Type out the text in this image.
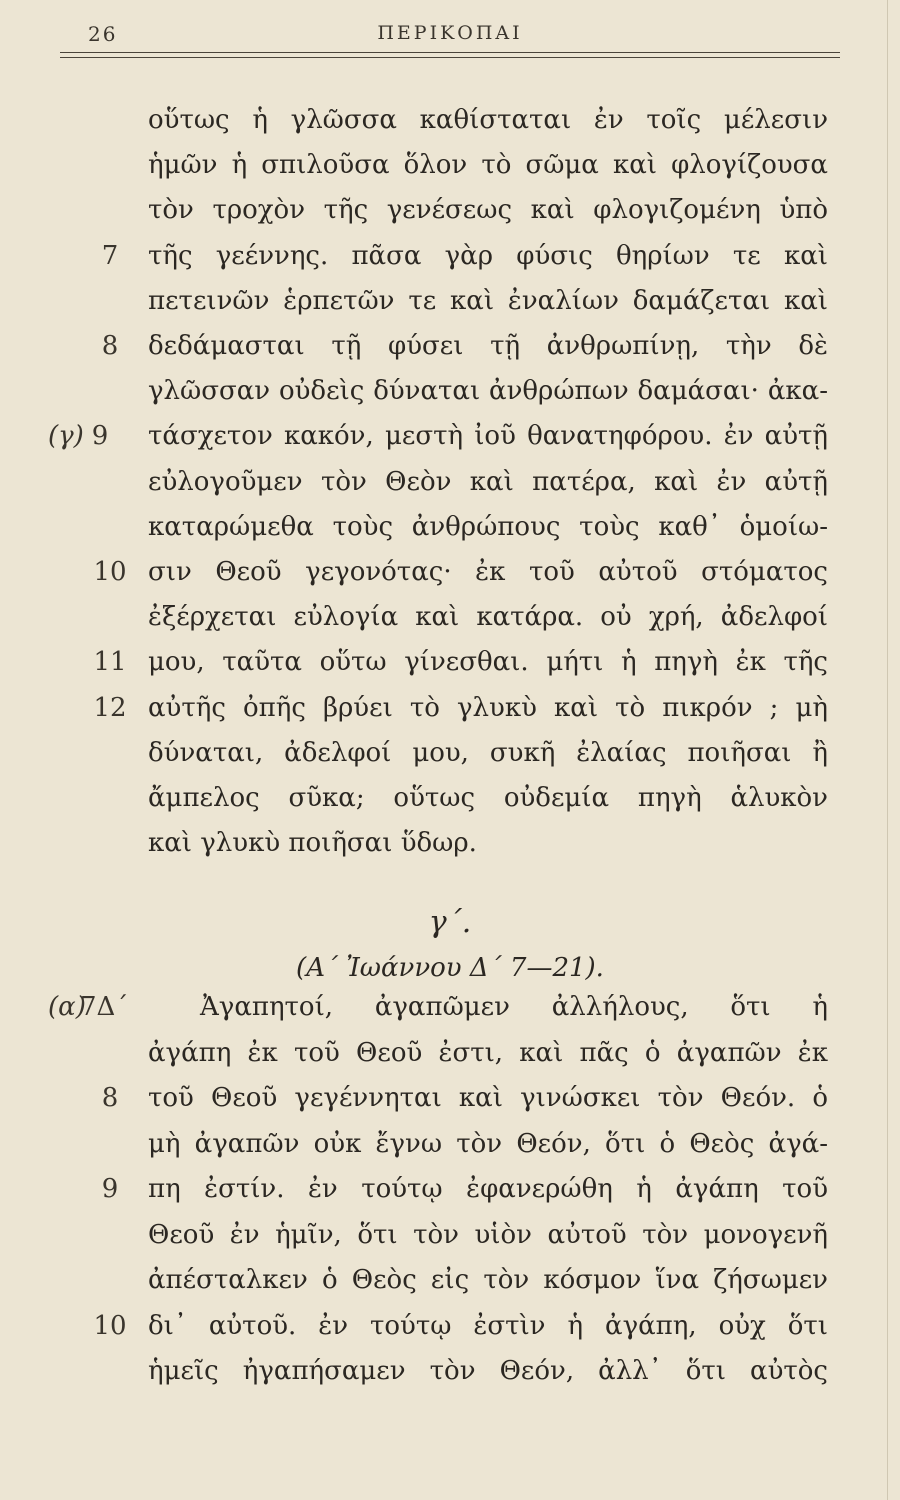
26	ΠΕΡΙΚΟΠΑΙ
οὕτως ἡ γλῶσσα καθίσταται ἐν τοῖς μέλεσιν
ἡμῶν ἡ σπιλοῦσα ὅλον τὸ σῶμα καὶ φλογίζουσα
τὸν τροχὸν τῆς γενέσεως καὶ φλογιζομένη ὑπὸ
7	τῆς γεέννης. πᾶσα γὰρ φύσις θηρίων τε καὶ
πετεινῶν ἑρπετῶν τε καὶ ἐναλίων δαμάζεται καὶ
8	δεδάμασται τῇ φύσει τῇ ἀνθρωπίνῃ, τὴν δὲ
γλῶσσαν οὐδεὶς δύναται ἀνθρώπων δαμάσαι· ἀκα-
(γ) 9	τάσχετον κακόν, μεστὴ ἰοῦ θανατηφόρου. ἐν αὐτῇ
εὐλογοῦμεν τὸν Θεὸν καὶ πατέρα, καὶ ἐν αὐτῇ
καταρώμεθα τοὺς ἀνθρώπους τοὺς καθ᾽ ὁμοίω-
10 σιν Θεοῦ γεγονότας· ἐκ τοῦ αὐτοῦ στόματος
ἐξέρχεται εὐλογία καὶ κατάρα. οὐ χρή, ἀδελφοί
11 μου, ταῦτα οὕτω γίνεσθαι. μήτι ἡ πηγὴ ἐκ τῆς
12 αὐτῆς ὀπῆς βρύει τὸ γλυκὺ καὶ τὸ πικρόν ; μὴ
δύναται, ἀδελφοί μου, συκῆ ἐλαίας ποιῆσαι ἢ
ἄμπελος σῦκα; οὕτως οὐδεμία πηγὴ ἁλυκὸν
καὶ γλυκὺ ποιῆσαι ὕδωρ.
γ΄.
(Α΄ Ἰωάννου Δ΄ 7—21).
(α)
7Δ΄	Ἀγαπητοί, ἀγαπῶμεν ἀλλήλους, ὅτι ἡ
ἀγάπη ἐκ τοῦ Θεοῦ ἐστι, καὶ πᾶς ὁ ἀγαπῶν ἐκ
8	τοῦ Θεοῦ γεγέννηται καὶ γινώσκει τὸν Θεόν. ὁ
μὴ ἀγαπῶν οὐκ ἔγνω τὸν Θεόν, ὅτι ὁ Θεὸς ἀγά-
9	πη ἐστίν. ἐν τούτῳ ἐφανερώθη ἡ ἀγάπη τοῦ
Θεοῦ ἐν ἡμῖν, ὅτι τὸν υἱὸν αὐτοῦ τὸν μονογενῆ
ἀπέσταλκεν ὁ Θεὸς εἰς τὸν κόσμον ἵνα ζήσωμεν
10 δι᾽ αὐτοῦ. ἐν τούτῳ ἐστὶν ἡ ἀγάπη, οὐχ ὅτι
ἡμεῖς ἠγαπήσαμεν τὸν Θεόν, ἀλλ᾽ ὅτι αὐτὸς
